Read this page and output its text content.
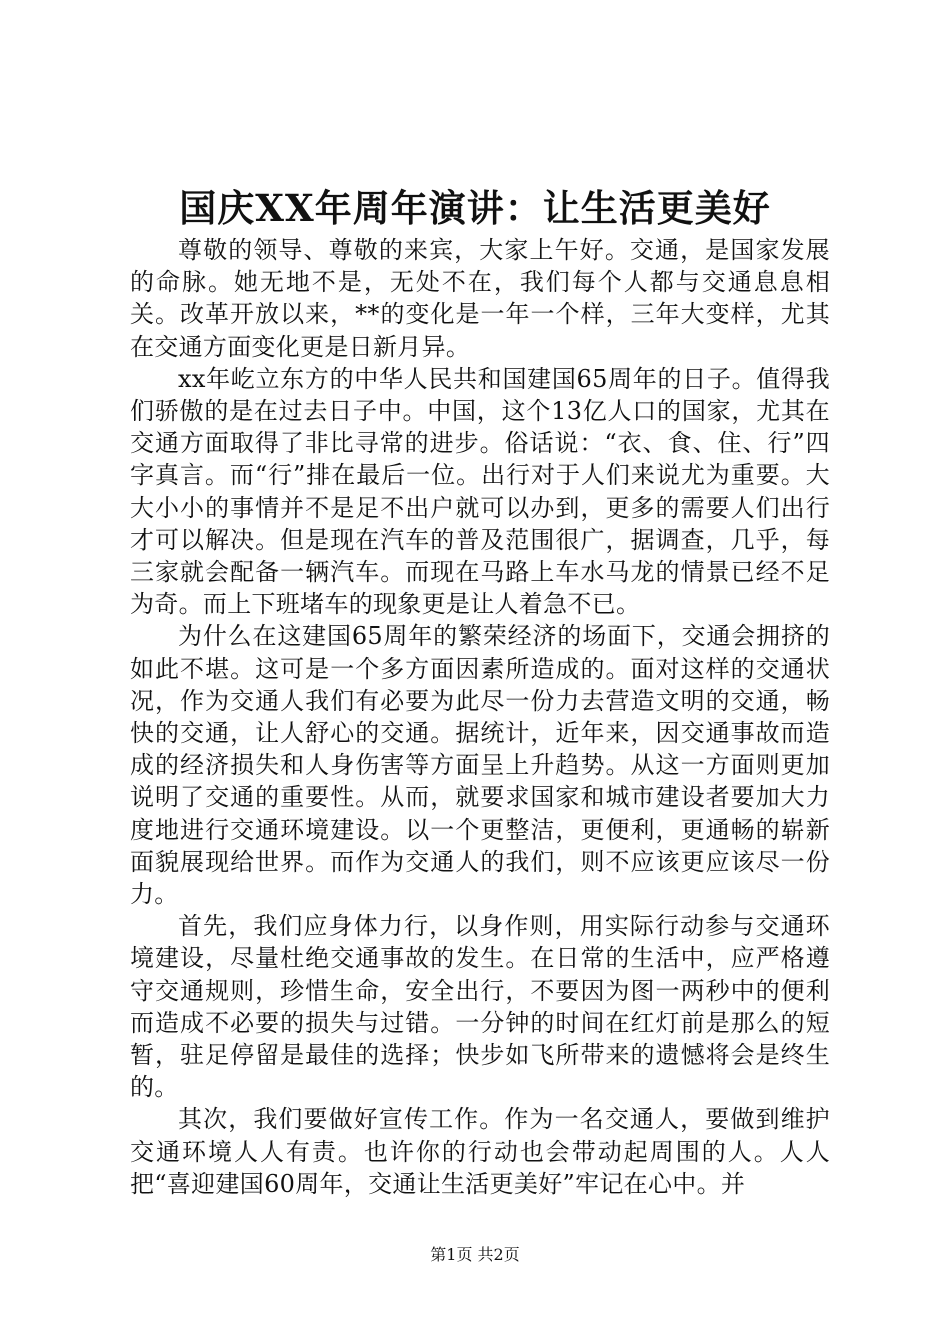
国庆XX年周年演讲：让生活更美好

尊敬的领导、尊敬的来宾，大家上午好。交通，是国家发展的命脉。她无地不是，无处不在，我们每个人都与交通息息相关。改革开放以来，**的变化是一年一个样，三年大变样，尤其在交通方面变化更是日新月异。

xx年屹立东方的中华人民共和国建国65周年的日子。值得我们骄傲的是在过去日子中。中国，这个13亿人口的国家，尤其在交通方面取得了非比寻常的进步。俗话说：“衣、食、住、行”四字真言。而“行”排在最后一位。出行对于人们来说尤为重要。大大小小的事情并不是足不出户就可以办到，更多的需要人们出行才可以解决。但是现在汽车的普及范围很广，据调查，几乎，每三家就会配备一辆汽车。而现在马路上车水马龙的情景已经不足为奇。而上下班堵车的现象更是让人着急不已。

为什么在这建国65周年的繁荣经济的场面下，交通会拥挤的如此不堪。这可是一个多方面因素所造成的。面对这样的交通状况，作为交通人我们有必要为此尽一份力去营造文明的交通，畅快的交通，让人舒心的交通。据统计，近年来，因交通事故而造成的经济损失和人身伤害等方面呈上升趋势。从这一方面则更加说明了交通的重要性。从而，就要求国家和城市建设者要加大力度地进行交通环境建设。以一个更整洁，更便利，更通畅的崭新面貌展现给世界。而作为交通人的我们，则不应该更应该尽一份力。

首先，我们应身体力行，以身作则，用实际行动参与交通环境建设，尽量杜绝交通事故的发生。在日常的生活中，应严格遵守交通规则，珍惜生命，安全出行，不要因为图一两秒中的便利而造成不必要的损失与过错。一分钟的时间在红灯前是那么的短暂，驻足停留是最佳的选择；快步如飞所带来的遗憾将会是终生的。

其次，我们要做好宣传工作。作为一名交通人，要做到维护交通环境人人有责。也许你的行动也会带动起周围的人。人人把“喜迎建国60周年，交通让生活更美好”牢记在心中。并

第1页 共2页
